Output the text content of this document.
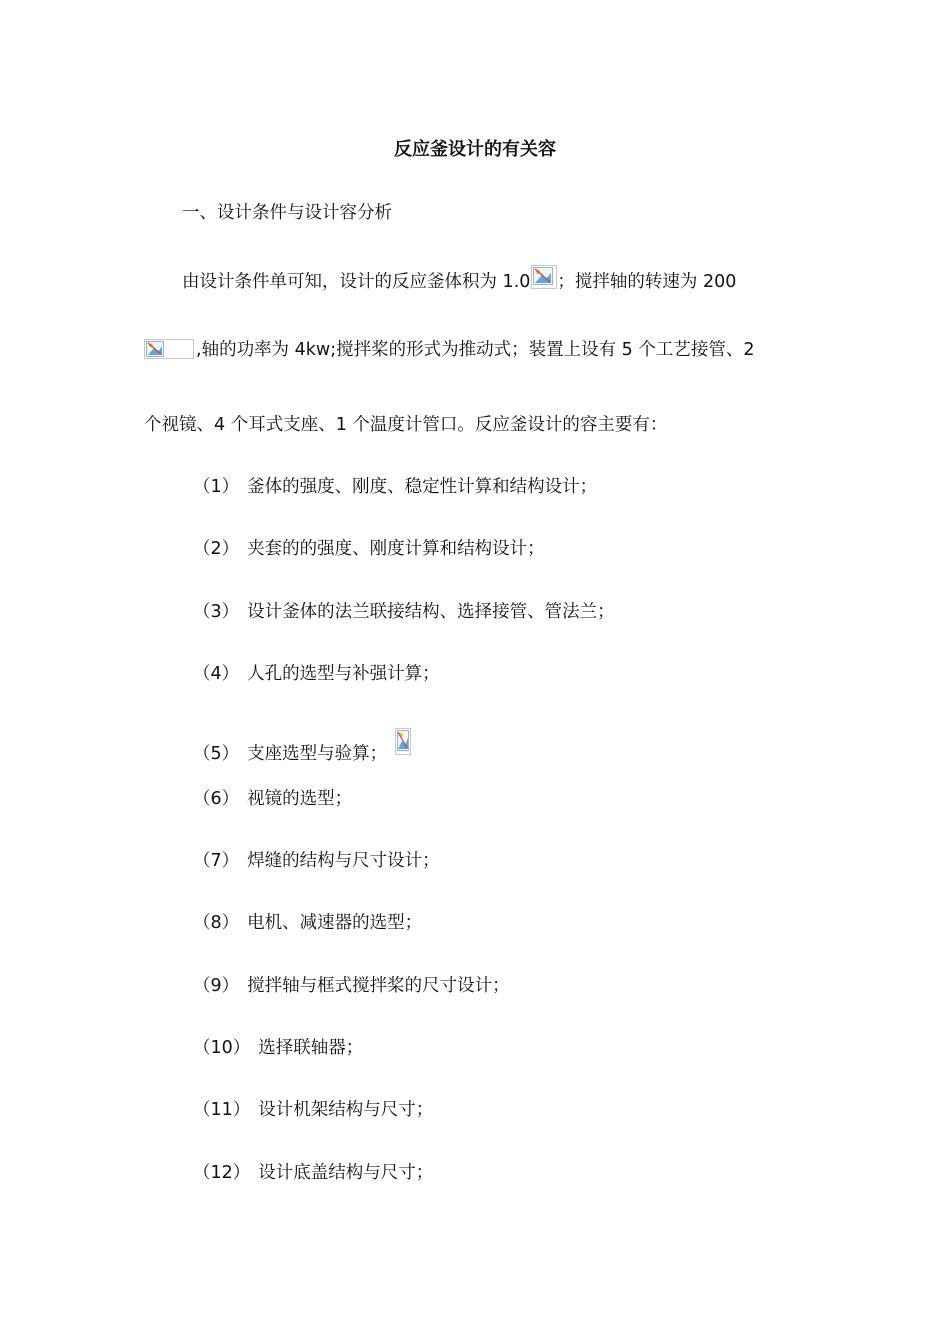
反应釜设计的有关容
一、设计条件与设计容分析
由设计条件单可知，设计的反应釜体积为 1.0 ；搅拌轴的转速为 200
,轴的功率为 4kw;搅拌桨的形式为推动式；装置上设有 5 个工艺接管、2
个视镜、4 个耳式支座、1 个温度计管口。反应釜设计的容主要有：
（1） 釜体的强度、刚度、稳定性计算和结构设计；
（2） 夹套的的强度、刚度计算和结构设计；
（3） 设计釜体的法兰联接结构、选择接管、管法兰；
（4） 人孔的选型与补强计算；
（5） 支座选型与验算；
（6） 视镜的选型；
（7） 焊缝的结构与尺寸设计；
（8） 电机、减速器的选型；
（9） 搅拌轴与框式搅拌桨的尺寸设计；
（10） 选择联轴器；
（11） 设计机架结构与尺寸；
（12） 设计底盖结构与尺寸；
